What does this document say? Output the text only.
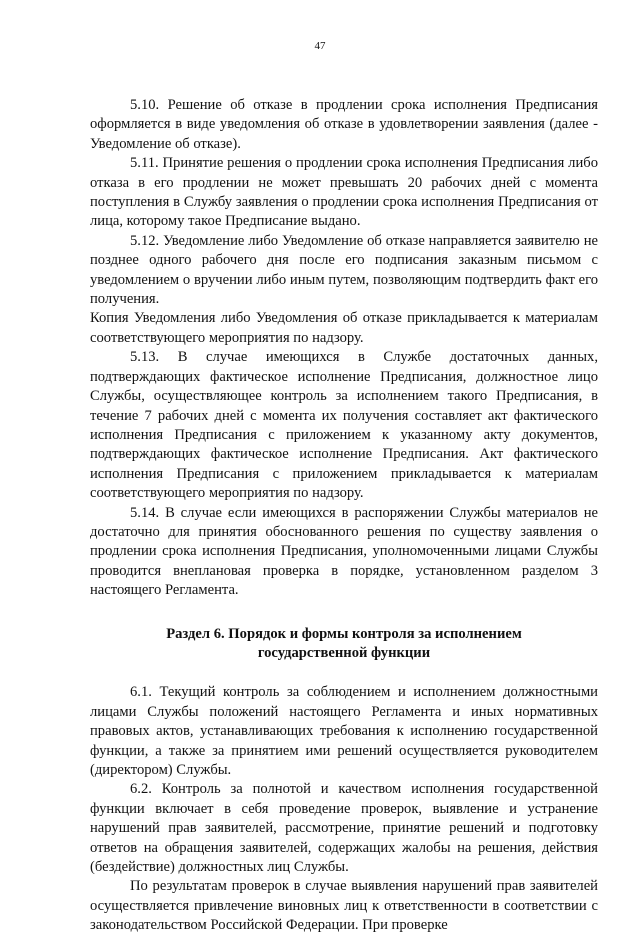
47

5.10. Решение об отказе в продлении срока исполнения Предписания оформляется в виде уведомления об отказе в удовлетворении заявления (далее - Уведомление об отказе).

5.11. Принятие решения о продлении срока исполнения Предписания либо отказа в его продлении не может превышать 20 рабочих дней с момента поступления в Службу заявления о продлении срока исполнения Предписания от лица, которому такое Предписание выдано.

5.12. Уведомление либо Уведомление об отказе направляется заявителю не позднее одного рабочего дня после его подписания заказным письмом с уведомлением о вручении либо иным путем, позволяющим подтвердить факт его получения.

Копия Уведомления либо Уведомления об отказе прикладывается к материалам соответствующего мероприятия по надзору.

5.13. В случае имеющихся в Службе достаточных данных, подтверждающих фактическое исполнение Предписания, должностное лицо Службы, осуществляющее контроль за исполнением такого Предписания, в течение 7 рабочих дней с момента их получения составляет акт фактического исполнения Предписания с приложением к указанному акту документов, подтверждающих фактическое исполнение Предписания. Акт фактического исполнения Предписания с приложением прикладывается к материалам соответствующего мероприятия по надзору.

5.14. В случае если имеющихся в распоряжении Службы материалов не достаточно для принятия обоснованного решения по существу заявления о продлении срока исполнения Предписания, уполномоченными лицами Службы проводится внеплановая проверка в порядке, установленном разделом 3 настоящего Регламента.

Раздел 6. Порядок и формы контроля за исполнением
государственной функции

6.1. Текущий контроль за соблюдением и исполнением должностными лицами Службы положений настоящего Регламента и иных нормативных правовых актов, устанавливающих требования к исполнению государственной функции, а также за принятием ими решений осуществляется руководителем (директором) Службы.

6.2. Контроль за полнотой и качеством исполнения государственной функции включает в себя проведение проверок, выявление и устранение нарушений прав заявителей, рассмотрение, принятие решений и подготовку ответов на обращения заявителей, содержащих жалобы на решения, действия (бездействие) должностных лиц Службы.

По результатам проверок в случае выявления нарушений прав заявителей осуществляется привлечение виновных лиц к ответственности в соответствии с законодательством Российской Федерации. При проверке
